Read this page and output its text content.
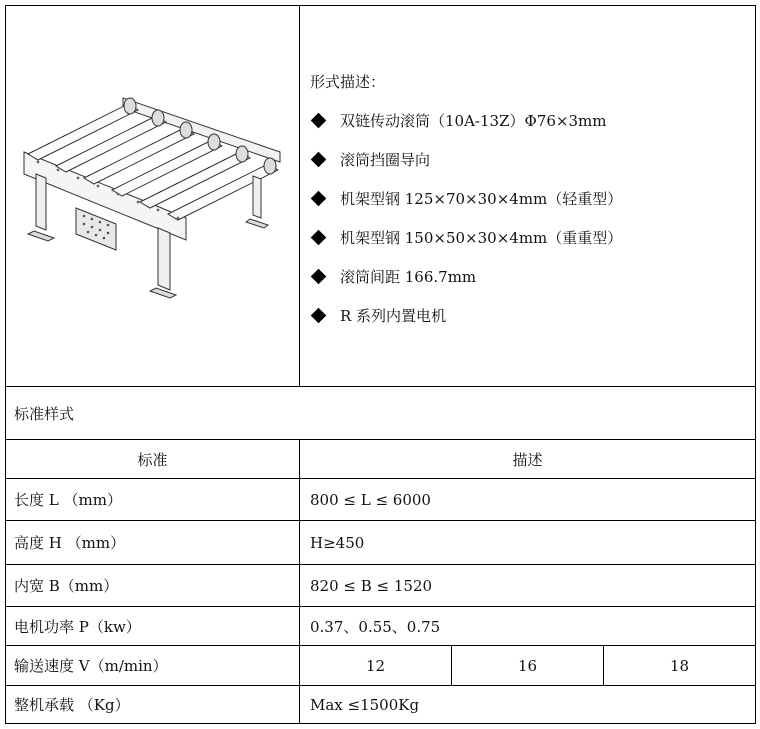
形式描述：
双链传动滚筒（10A-13Z）Φ76×3mm
滚筒挡圈导向
机架型钢 125×70×30×4mm（轻重型）
机架型钢 150×50×30×4mm（重重型）
滚筒间距 166.7mm
R 系列内置电机
标准样式
标准	描述
长度 L （mm）	800 ≤ L ≤ 6000
高度 H （mm）	H≥450
内宽 B（mm）	820 ≤ B ≤ 1520
电机功率 P（kw）	0.37、0.55、0.75
输送速度 V（m/min）	12	16	18
整机承载 （Kg）	Max ≤1500Kg
